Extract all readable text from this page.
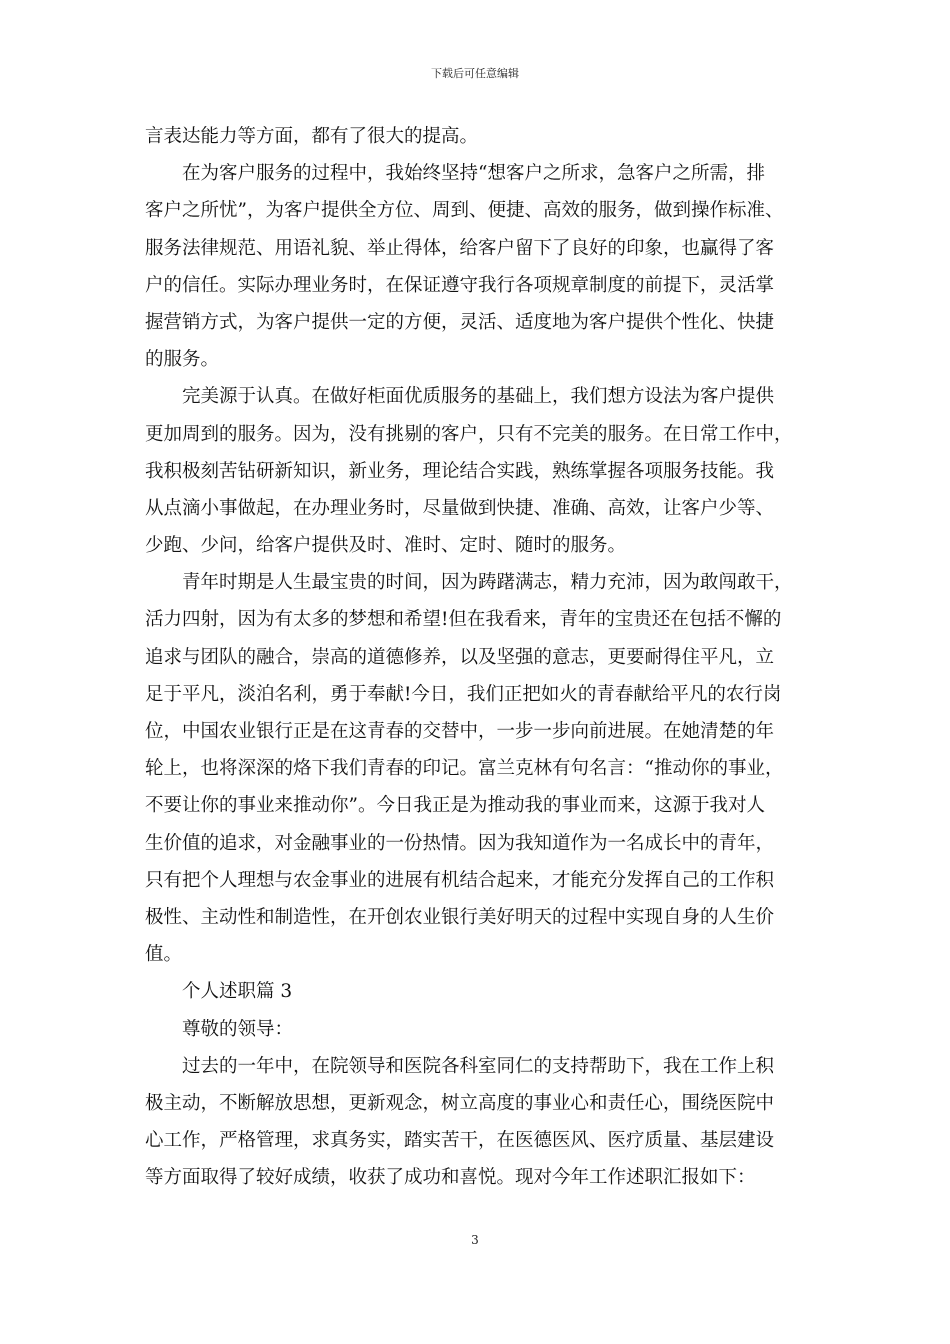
下载后可任意编辑
言表达能力等方面，都有了很大的提高。
在为客户服务的过程中，我始终坚持“想客户之所求，急客户之所需，排
客户之所忧”，为客户提供全方位、周到、便捷、高效的服务，做到操作标准、
服务法律规范、用语礼貌、举止得体，给客户留下了良好的印象，也赢得了客
户的信任。实际办理业务时，在保证遵守我行各项规章制度的前提下，灵活掌
握营销方式，为客户提供一定的方便，灵活、适度地为客户提供个性化、快捷
的服务。
完美源于认真。在做好柜面优质服务的基础上，我们想方设法为客户提供
更加周到的服务。因为，没有挑剔的客户，只有不完美的服务。在日常工作中，
我积极刻苦钻研新知识，新业务，理论结合实践，熟练掌握各项服务技能。我
从点滴小事做起，在办理业务时，尽量做到快捷、准确、高效，让客户少等、
少跑、少问，给客户提供及时、准时、定时、随时的服务。
青年时期是人生最宝贵的时间，因为踌躇满志，精力充沛，因为敢闯敢干，
活力四射，因为有太多的梦想和希望!但在我看来，青年的宝贵还在包括不懈的
追求与团队的融合，崇高的道德修养，以及坚强的意志，更要耐得住平凡，立
足于平凡，淡泊名利，勇于奉献!今日，我们正把如火的青春献给平凡的农行岗
位，中国农业银行正是在这青春的交替中，一步一步向前进展。在她清楚的年
轮上，也将深深的烙下我们青春的印记。富兰克林有句名言：“推动你的事业，
不要让你的事业来推动你”。今日我正是为推动我的事业而来，这源于我对人
生价值的追求，对金融事业的一份热情。因为我知道作为一名成长中的青年，
只有把个人理想与农金事业的进展有机结合起来，才能充分发挥自己的工作积
极性、主动性和制造性，在开创农业银行美好明天的过程中实现自身的人生价
值。
个人述职篇 3
尊敬的领导：
过去的一年中，在院领导和医院各科室同仁的支持帮助下，我在工作上积
极主动，不断解放思想，更新观念，树立高度的事业心和责任心，围绕医院中
心工作，严格管理，求真务实，踏实苦干，在医德医风、医疗质量、基层建设
等方面取得了较好成绩，收获了成功和喜悦。现对今年工作述职汇报如下：
3
